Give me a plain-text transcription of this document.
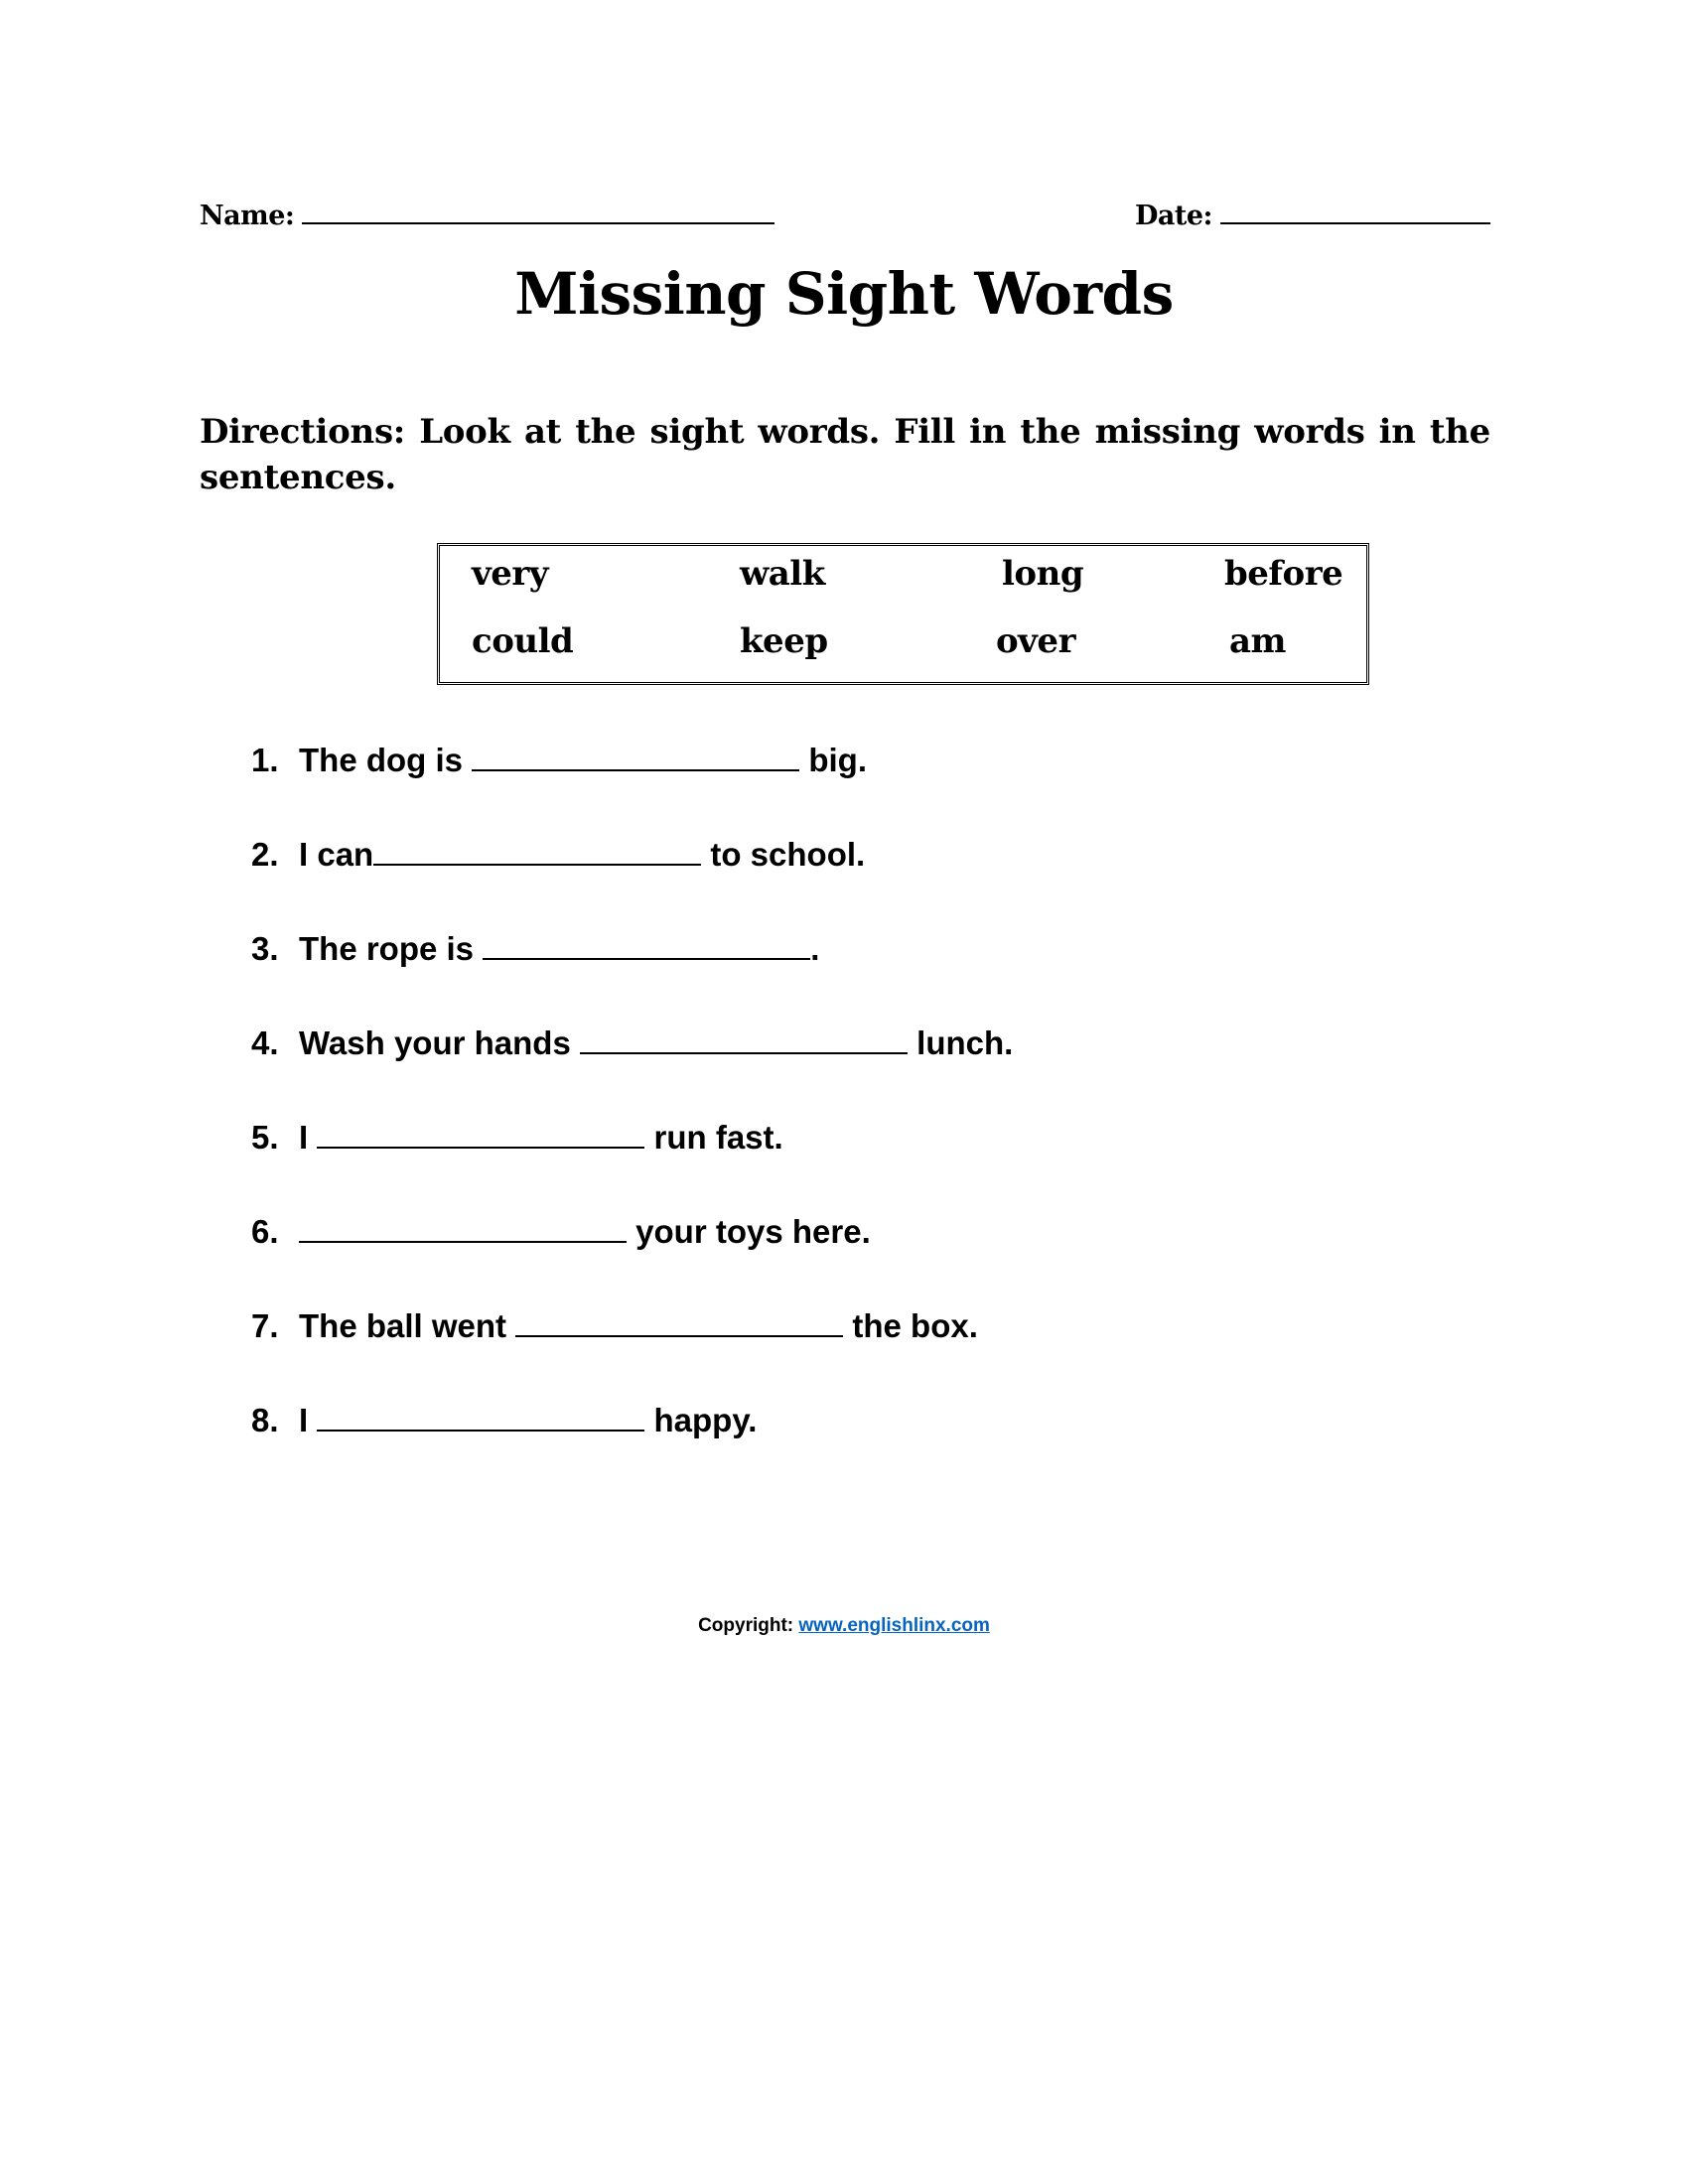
Name:	Date:
Missing Sight Words
Directions: Look at the sight words. Fill in the missing words in the sentences.
very	walk	long	before
could	keep	over	am
1. The dog is	big.
2. I can	to school.
3. The rope is	.
4. Wash your hands	lunch.
5. I	run fast.
6.	your toys here.
7. The ball went	the box.
8. I	happy.
Copyright: www.englishlinx.com
